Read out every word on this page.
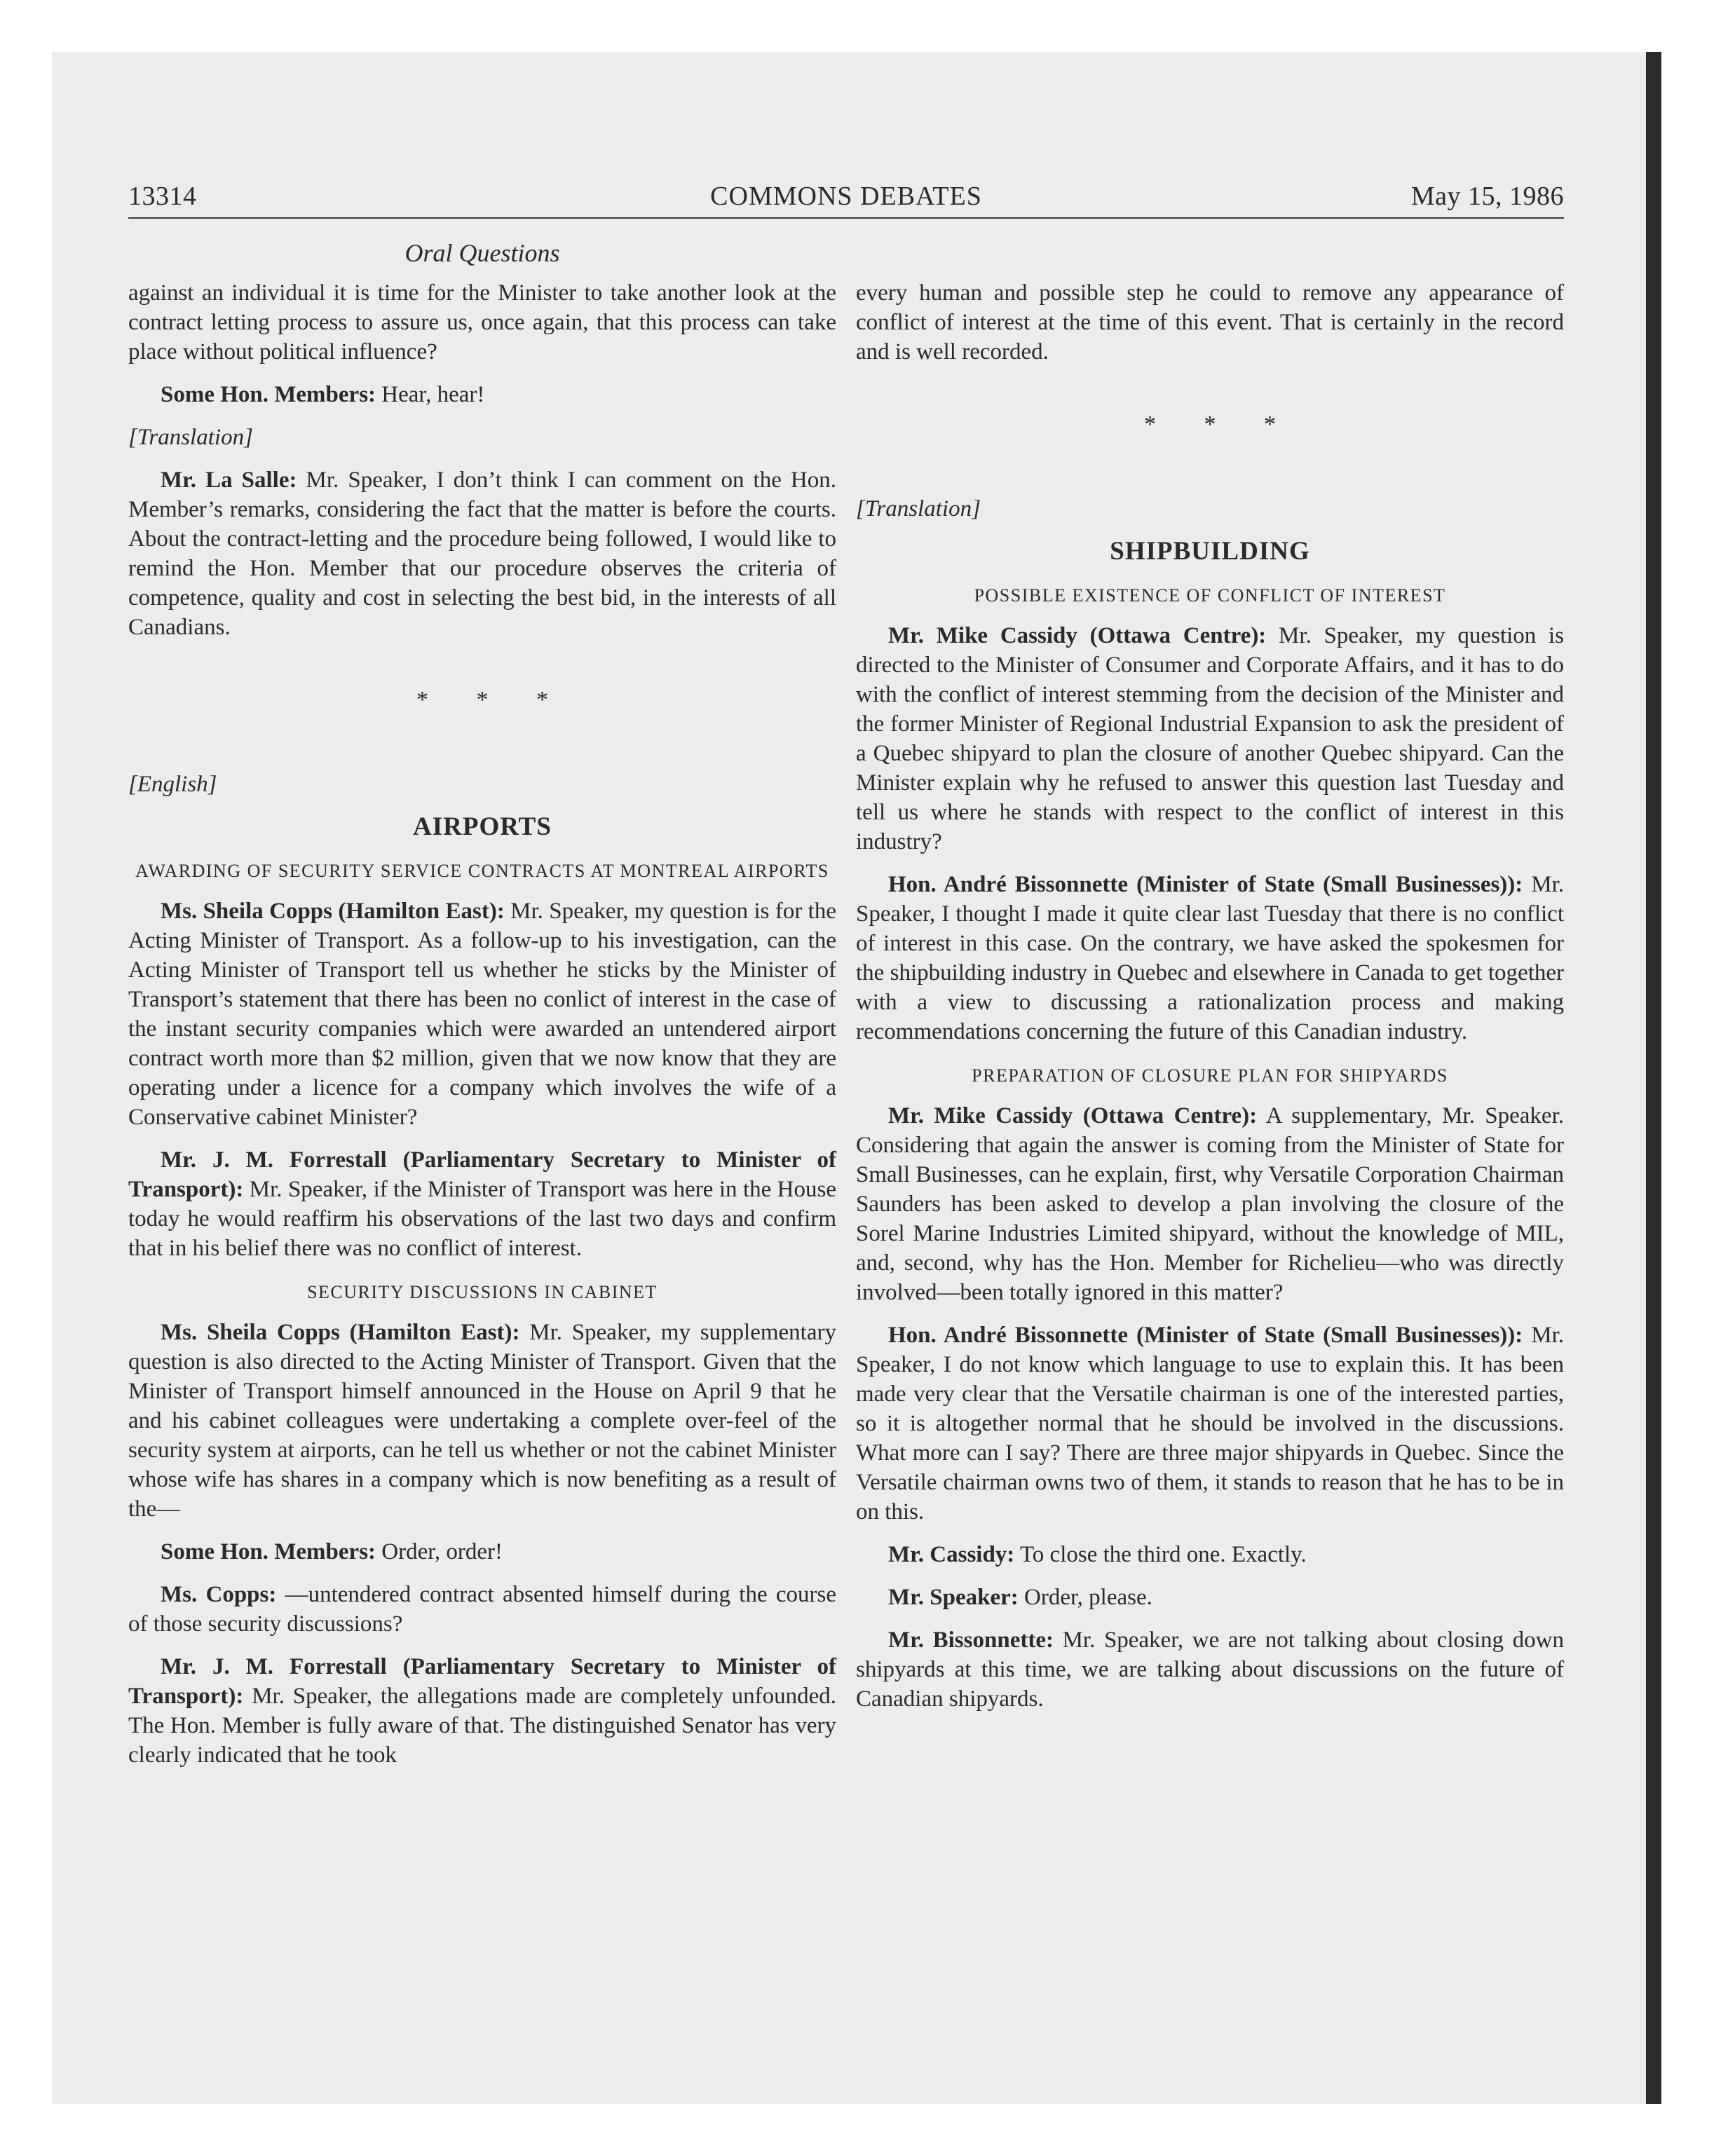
13314	COMMONS DEBATES	May 15, 1986
Oral Questions

against an individual it is time for the Minister to take another look at the contract letting process to assure us, once again, that this process can take place without political influence?

Some Hon. Members: Hear, hear!

[Translation]

Mr. La Salle: Mr. Speaker, I don’t think I can comment on the Hon. Member’s remarks, considering the fact that the matter is before the courts. About the contract-letting and the procedure being followed, I would like to remind the Hon. Member that our procedure observes the criteria of competence, quality and cost in selecting the best bid, in the interests of all Canadians.

* * *

[English]

AIRPORTS
AWARDING OF SECURITY SERVICE CONTRACTS AT MONTREAL AIRPORTS

Ms. Sheila Copps (Hamilton East): Mr. Speaker, my question is for the Acting Minister of Transport. As a follow-up to his investigation, can the Acting Minister of Transport tell us whether he sticks by the Minister of Transport’s statement that there has been no conlict of interest in the case of the instant security companies which were awarded an untendered airport contract worth more than $2 million, given that we now know that they are operating under a licence for a company which involves the wife of a Conservative cabinet Minister?

Mr. J. M. Forrestall (Parliamentary Secretary to Minister of Transport): Mr. Speaker, if the Minister of Transport was here in the House today he would reaffirm his observations of the last two days and confirm that in his belief there was no conflict of interest.

SECURITY DISCUSSIONS IN CABINET

Ms. Sheila Copps (Hamilton East): Mr. Speaker, my supplementary question is also directed to the Acting Minister of Transport. Given that the Minister of Transport himself announced in the House on April 9 that he and his cabinet colleagues were undertaking a complete over-feel of the security system at airports, can he tell us whether or not the cabinet Minister whose wife has shares in a company which is now benefiting as a result of the—

Some Hon. Members: Order, order!

Ms. Copps: —untendered contract absented himself during the course of those security discussions?

Mr. J. M. Forrestall (Parliamentary Secretary to Minister of Transport): Mr. Speaker, the allegations made are completely unfounded. The Hon. Member is fully aware of that. The distinguished Senator has very clearly indicated that he took

every human and possible step he could to remove any appearance of conflict of interest at the time of this event. That is certainly in the record and is well recorded.

* * *

[Translation]

SHIPBUILDING
POSSIBLE EXISTENCE OF CONFLICT OF INTEREST

Mr. Mike Cassidy (Ottawa Centre): Mr. Speaker, my question is directed to the Minister of Consumer and Corporate Affairs, and it has to do with the conflict of interest stemming from the decision of the Minister and the former Minister of Regional Industrial Expansion to ask the president of a Quebec shipyard to plan the closure of another Quebec shipyard. Can the Minister explain why he refused to answer this question last Tuesday and tell us where he stands with respect to the conflict of interest in this industry?

Hon. André Bissonnette (Minister of State (Small Businesses)): Mr. Speaker, I thought I made it quite clear last Tuesday that there is no conflict of interest in this case. On the contrary, we have asked the spokesmen for the shipbuilding industry in Quebec and elsewhere in Canada to get together with a view to discussing a rationalization process and making recommendations concerning the future of this Canadian industry.

PREPARATION OF CLOSURE PLAN FOR SHIPYARDS

Mr. Mike Cassidy (Ottawa Centre): A supplementary, Mr. Speaker. Considering that again the answer is coming from the Minister of State for Small Businesses, can he explain, first, why Versatile Corporation Chairman Saunders has been asked to develop a plan involving the closure of the Sorel Marine Industries Limited shipyard, without the knowledge of MIL, and, second, why has the Hon. Member for Richelieu—who was directly involved—been totally ignored in this matter?

Hon. André Bissonnette (Minister of State (Small Businesses)): Mr. Speaker, I do not know which language to use to explain this. It has been made very clear that the Versatile chairman is one of the interested parties, so it is altogether normal that he should be involved in the discussions. What more can I say? There are three major shipyards in Quebec. Since the Versatile chairman owns two of them, it stands to reason that he has to be in on this.

Mr. Cassidy: To close the third one. Exactly.

Mr. Speaker: Order, please.

Mr. Bissonnette: Mr. Speaker, we are not talking about closing down shipyards at this time, we are talking about discussions on the future of Canadian shipyards.
